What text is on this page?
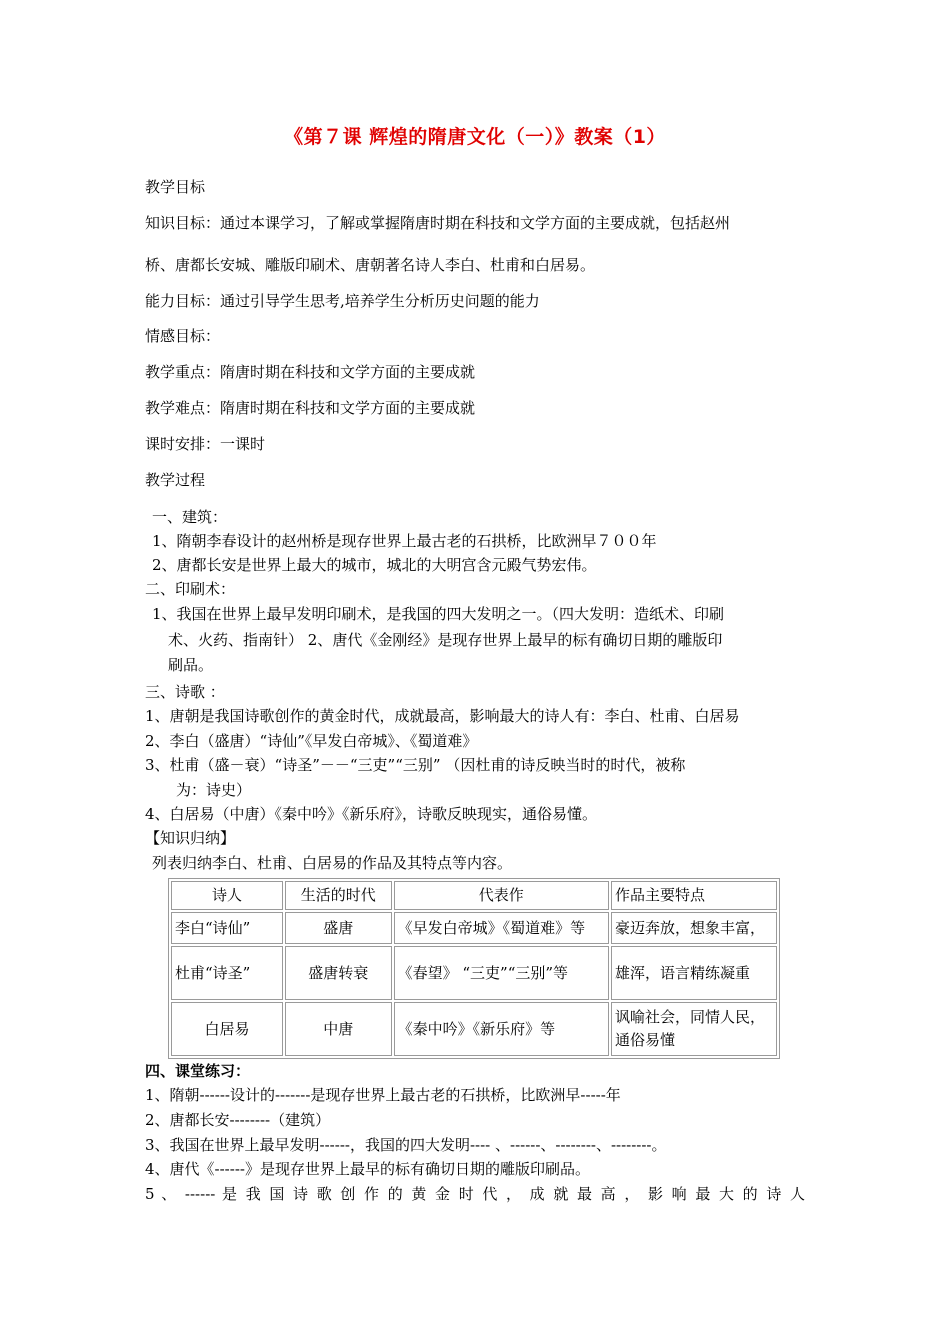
《第７课 辉煌的隋唐文化（一）》教案（1）
教学目标
知识目标：通过本课学习，了解或掌握隋唐时期在科技和文学方面的主要成就，包括赵州
桥、唐都长安城、雕版印刷术、唐朝著名诗人李白、杜甫和白居易。
能力目标：通过引导学生思考,培养学生分析历史问题的能力
情感目标：
教学重点：隋唐时期在科技和文学方面的主要成就
教学难点：隋唐时期在科技和文学方面的主要成就
课时安排：一课时
教学过程
一、建筑：
1、隋朝李春设计的赵州桥是现存世界上最古老的石拱桥，比欧洲早７００年
2、唐都长安是世界上最大的城市，城北的大明宫含元殿气势宏伟。
二、印刷术：
1、我国在世界上最早发明印刷术，是我国的四大发明之一。（四大发明：造纸术、印刷
术、火药、指南针） 2、唐代《金刚经》是现存世界上最早的标有确切日期的雕版印
刷品。
三、诗歌 ：
1、唐朝是我国诗歌创作的黄金时代，成就最高，影响最大的诗人有：李白、杜甫、白居易
2、李白（盛唐）“诗仙”《早发白帝城》、《蜀道难》
3、杜甫（盛－衰）“诗圣”－－“三吏”“三别” （因杜甫的诗反映当时的时代，被称
为：诗史）
4、白居易（中唐）《秦中吟》《新乐府》，诗歌反映现实，通俗易懂。
【知识归纳】
列表归纳李白、杜甫、白居易的作品及其特点等内容。
诗人	生活的时代	代表作	作品主要特点
李白“诗仙”	盛唐	《早发白帝城》《蜀道难》等	豪迈奔放，想象丰富，
杜甫“诗圣”	盛唐转衰	《春望》 “三吏”“三别”等	雄浑，语言精练凝重
白居易	中唐	《秦中吟》《新乐府》等	讽喻社会，同情人民，通俗易懂
四、课堂练习：
1、隋朝------设计的-------是现存世界上最古老的石拱桥，比欧洲早-----年
2、唐都长安--------（建筑）
3、我国在世界上最早发明------，我国的四大发明---- 、------、--------、--------。
4、唐代《------》是现存世界上最早的标有确切日期的雕版印刷品。
5 、 ------ 是 我 国 诗 歌 创 作 的 黄 金 时 代 ， 成 就 最 高 ， 影 响 最 大 的 诗 人
